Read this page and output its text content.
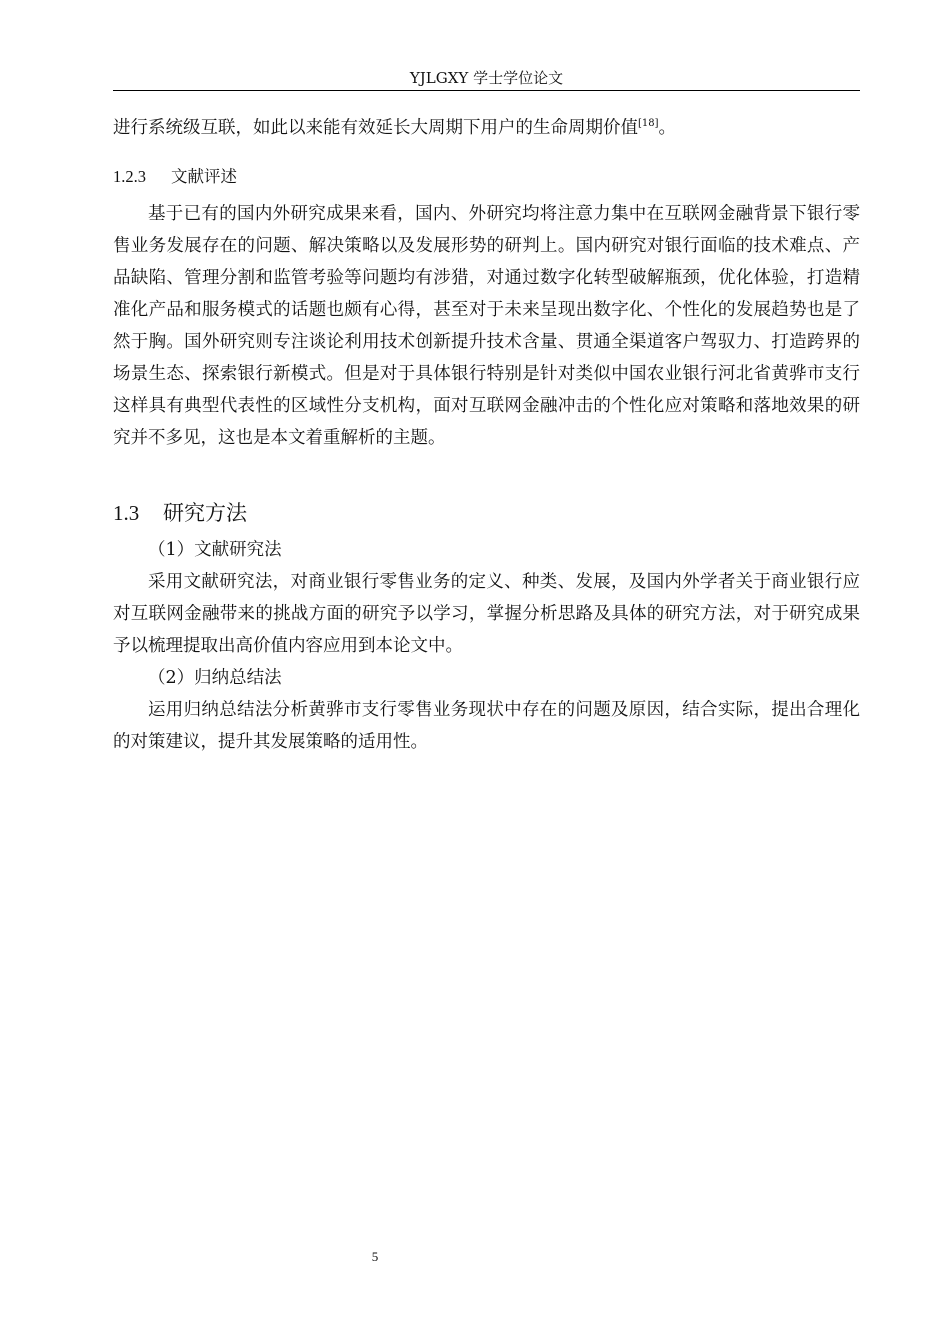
YJLGXY 学士学位论文

进行系统级互联，如此以来能有效延长大周期下用户的生命周期价值[18]。

1.2.3 文献评述

基于已有的国内外研究成果来看，国内、外研究均将注意力集中在互联网金融背景下银行零售业务发展存在的问题、解决策略以及发展形势的研判上。国内研究对银行面临的技术难点、产品缺陷、管理分割和监管考验等问题均有涉猎，对通过数字化转型破解瓶颈，优化体验，打造精准化产品和服务模式的话题也颇有心得，甚至对于未来呈现出数字化、个性化的发展趋势也是了然于胸。国外研究则专注谈论利用技术创新提升技术含量、贯通全渠道客户驾驭力、打造跨界的场景生态、探索银行新模式。但是对于具体银行特别是针对类似中国农业银行河北省黄骅市支行这样具有典型代表性的区域性分支机构，面对互联网金融冲击的个性化应对策略和落地效果的研究并不多见，这也是本文着重解析的主题。

1.3 研究方法

（1）文献研究法

采用文献研究法，对商业银行零售业务的定义、种类、发展，及国内外学者关于商业银行应对互联网金融带来的挑战方面的研究予以学习，掌握分析思路及具体的研究方法，对于研究成果予以梳理提取出高价值内容应用到本论文中。

（2）归纳总结法

运用归纳总结法分析黄骅市支行零售业务现状中存在的问题及原因，结合实际，提出合理化的对策建议，提升其发展策略的适用性。

5
